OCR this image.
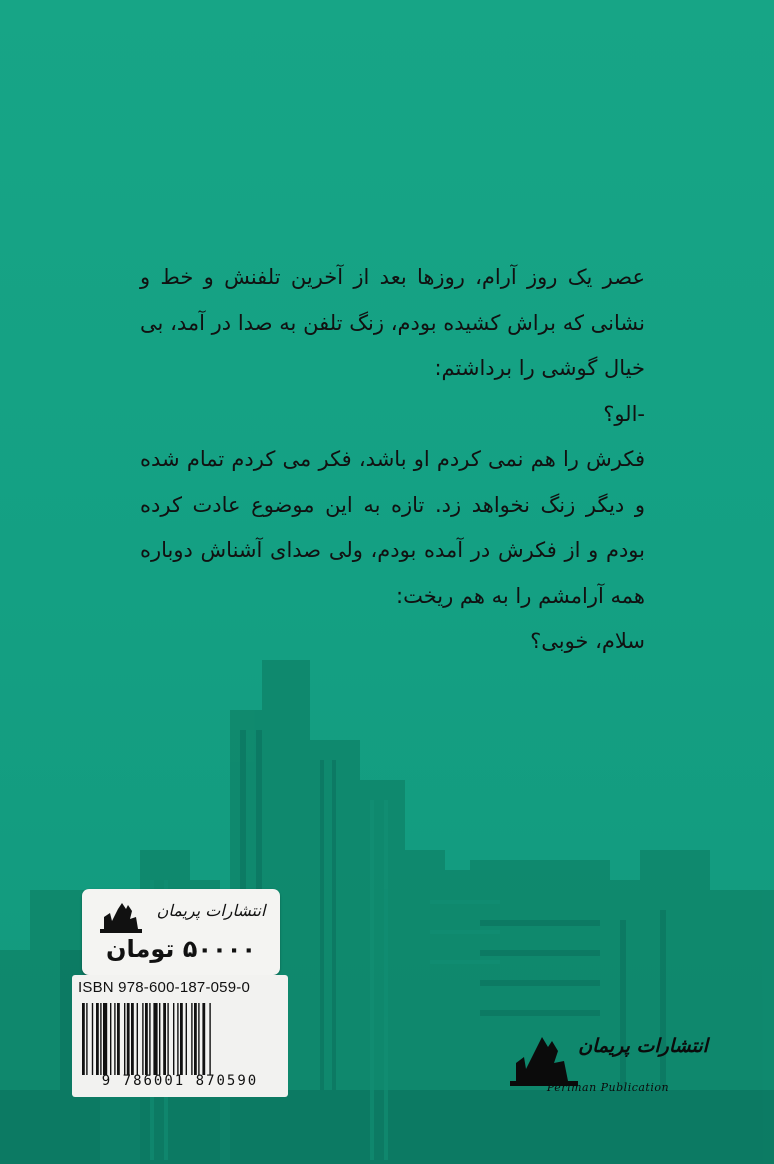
عصر یک روز آرام، روزها بعد از آخرین تلفنش و خط و نشانی که براش کشیده بودم، زنگ تلفن به صدا در آمد، بی خیال گوشی را برداشتم:

-الو؟

فکرش را هم نمی کردم او باشد، فکر می کردم تمام شده و دیگر زنگ نخواهد زد. تازه به این موضوع عادت کرده بودم و از فکرش در آمده بودم، ولی صدای آشناش دوباره همه آرامشم را به هم ریخت:

سلام، خوبی؟

انتشارات پریمان
۵۰۰۰۰ تومان
ISBN 978-600-187-059-0
9 786001 870590
انتشارات پریمان
Periman Publication
